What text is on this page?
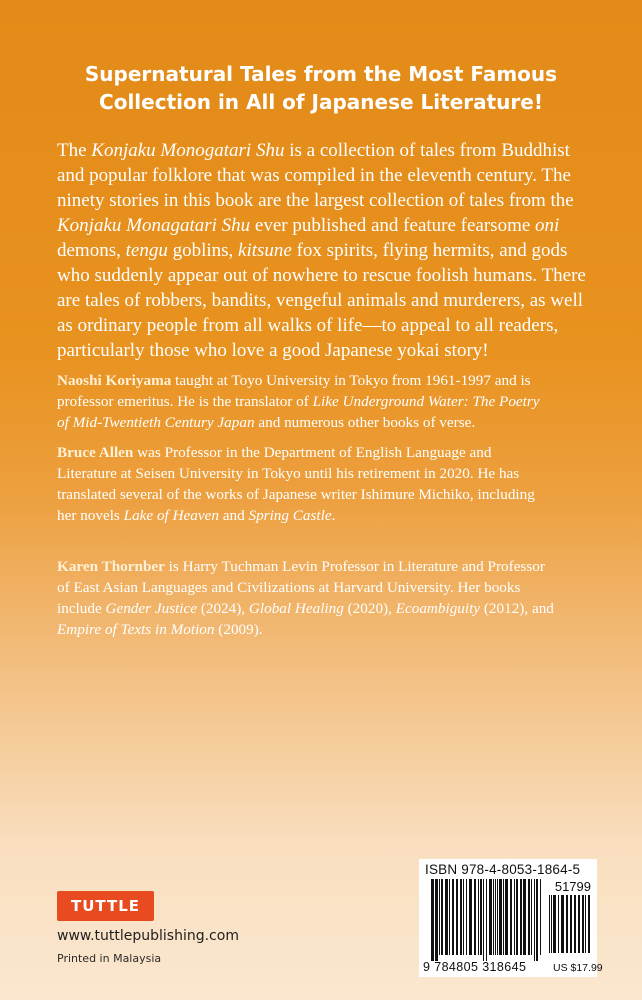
Supernatural Tales from the Most Famous
Collection in All of Japanese Literature!
The Konjaku Monogatari Shu is a collection of tales from Buddhist
and popular folklore that was compiled in the eleventh century. The
ninety stories in this book are the largest collection of tales from the
Konjaku Monagatari Shu ever published and feature fearsome oni
demons, tengu goblins, kitsune fox spirits, flying hermits, and gods
who suddenly appear out of nowhere to rescue foolish humans. There
are tales of robbers, bandits, vengeful animals and murderers, as well
as ordinary people from all walks of life—to appeal to all readers,
particularly those who love a good Japanese yokai story!
Naoshi Koriyama taught at Toyo University in Tokyo from 1961-1997 and is
professor emeritus. He is the translator of Like Underground Water: The Poetry
of Mid-Twentieth Century Japan and numerous other books of verse.
Bruce Allen was Professor in the Department of English Language and
Literature at Seisen University in Tokyo until his retirement in 2020. He has
translated several of the works of Japanese writer Ishimure Michiko, including
her novels Lake of Heaven and Spring Castle.
Karen Thornber is Harry Tuchman Levin Professor in Literature and Professor
of East Asian Languages and Civilizations at Harvard University. Her books
include Gender Justice (2024), Global Healing (2020), Ecoambiguity (2012), and
Empire of Texts in Motion (2009).
TUTTLE
www.tuttlepublishing.com
Printed in Malaysia
ISBN 978-4-8053-1864-5
51799
9 784805 318645	US $17.99
